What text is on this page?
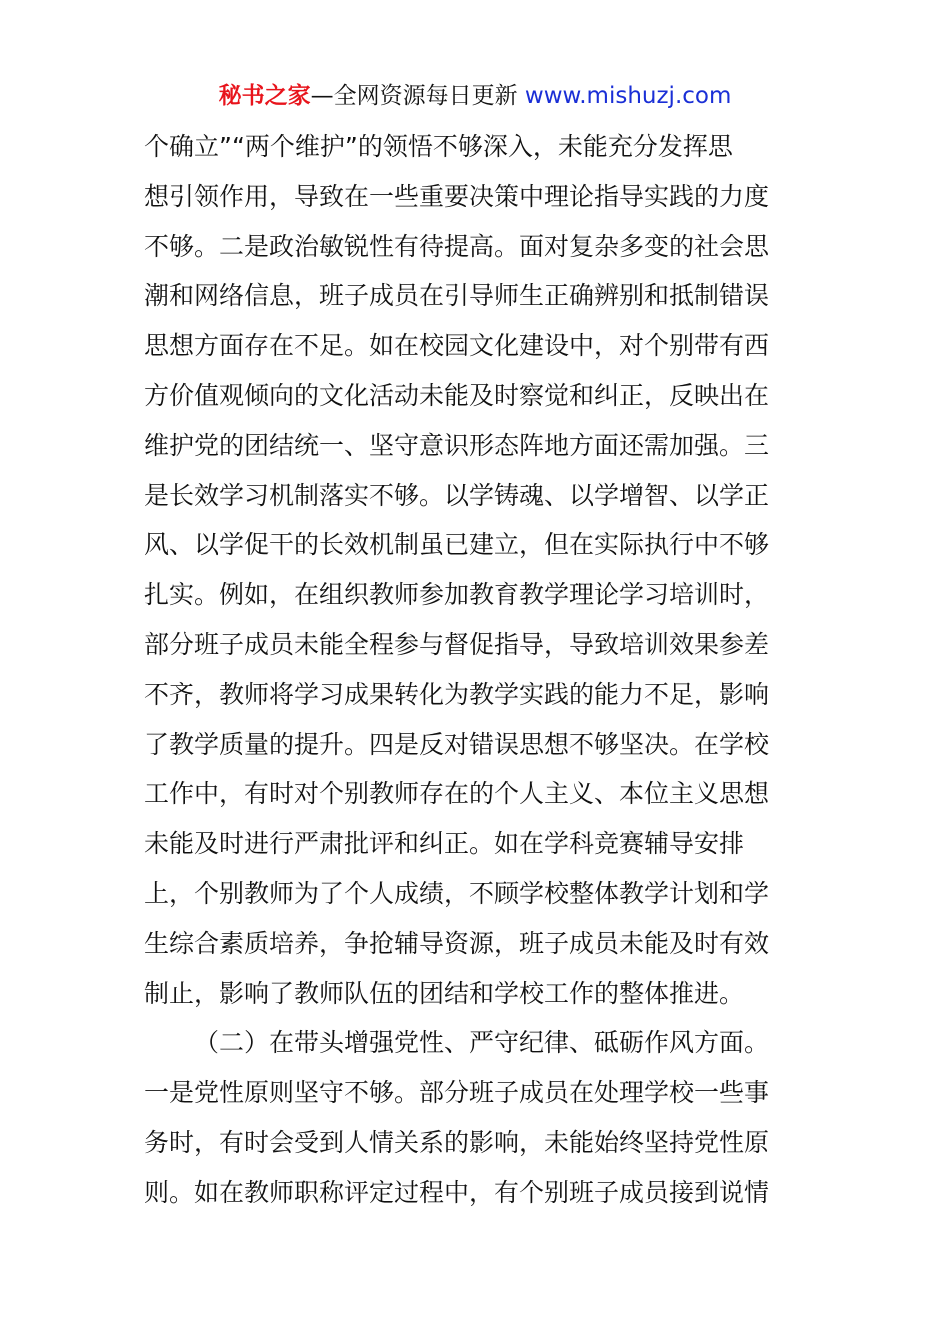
秘书之家—全网资源每日更新 www.mishuzj.com
个确立”“两个维护”的领悟不够深入，未能充分发挥思
想引领作用，导致在一些重要决策中理论指导实践的力度
不够。二是政治敏锐性有待提高。面对复杂多变的社会思
潮和网络信息，班子成员在引导师生正确辨别和抵制错误
思想方面存在不足。如在校园文化建设中，对个别带有西
方价值观倾向的文化活动未能及时察觉和纠正，反映出在
维护党的团结统一、坚守意识形态阵地方面还需加强。三
是长效学习机制落实不够。以学铸魂、以学增智、以学正
风、以学促干的长效机制虽已建立，但在实际执行中不够
扎实。例如，在组织教师参加教育教学理论学习培训时，
部分班子成员未能全程参与督促指导，导致培训效果参差
不齐，教师将学习成果转化为教学实践的能力不足，影响
了教学质量的提升。四是反对错误思想不够坚决。在学校
工作中，有时对个别教师存在的个人主义、本位主义思想
未能及时进行严肃批评和纠正。如在学科竞赛辅导安排
上，个别教师为了个人成绩，不顾学校整体教学计划和学
生综合素质培养，争抢辅导资源，班子成员未能及时有效
制止，影响了教师队伍的团结和学校工作的整体推进。
（二）在带头增强党性、严守纪律、砥砺作风方面。
一是党性原则坚守不够。部分班子成员在处理学校一些事
务时，有时会受到人情关系的影响，未能始终坚持党性原
则。如在教师职称评定过程中，有个别班子成员接到说情
